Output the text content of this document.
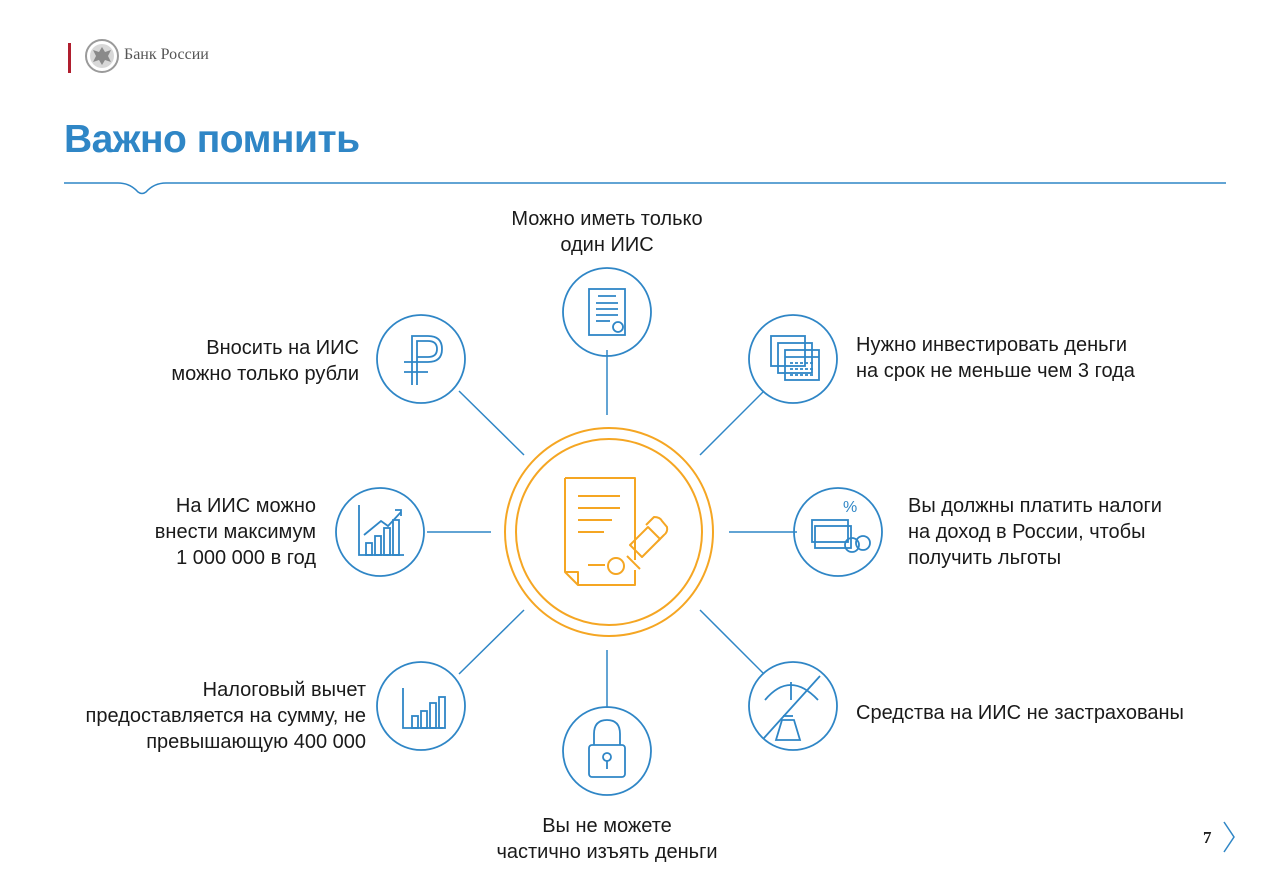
Банк России
Важно помнить
%
Можно иметь только
один ИИС
Нужно инвестировать деньги
на срок не меньше чем 3 года
Вы должны платить налоги
на доход в России, чтобы
получить льготы
Средства на ИИС не застрахованы
Вы не можете
частично изъять деньги
Налоговый вычет
предоставляется на сумму, не
превышающую 400 000
На ИИС можно
внести максимум
1 000 000 в год
Вносить на ИИС
можно только рубли
7
